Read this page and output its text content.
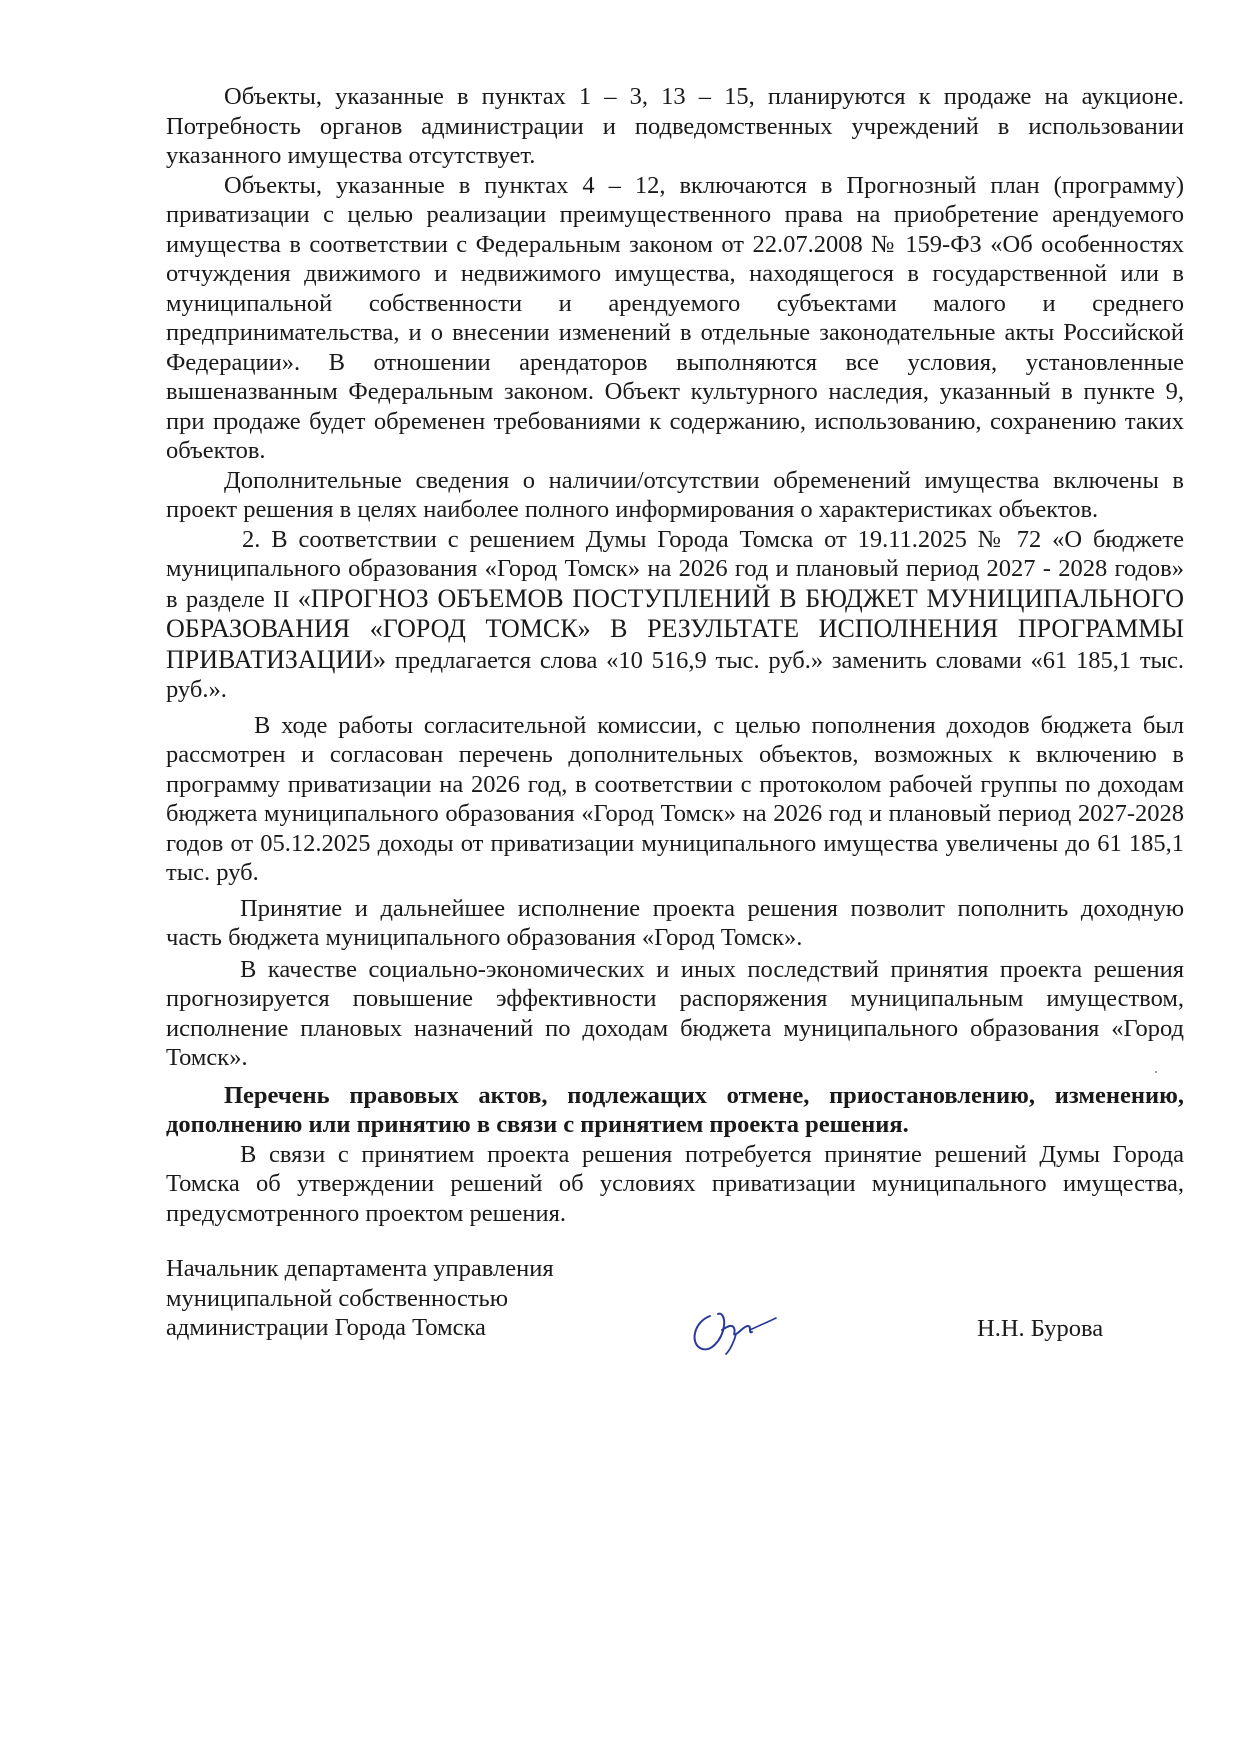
Объекты, указанные в пунктах 1 – 3, 13 – 15, планируются к продаже на аукционе. Потребность органов администрации и подведомственных учреждений в использовании указанного имущества отсутствует.

Объекты, указанные в пунктах 4 – 12, включаются в Прогнозный план (программу) приватизации с целью реализации преимущественного права на приобретение арендуемого имущества в соответствии с Федеральным законом от 22.07.2008 № 159-ФЗ «Об особенностях отчуждения движимого и недвижимого имущества, находящегося в государственной или в муниципальной собственности и арендуемого субъектами малого и среднего предпринимательства, и о внесении изменений в отдельные законодательные акты Российской Федерации». В отношении арендаторов выполняются все условия, установленные вышеназванным Федеральным законом. Объект культурного наследия, указанный в пункте 9, при продаже будет обременен требованиями к содержанию, использованию, сохранению таких объектов.

Дополнительные сведения о наличии/отсутствии обременений имущества включены в проект решения в целях наиболее полного информирования о характеристиках объектов.

2. В соответствии с решением Думы Города Томска от 19.11.2025 № 72 «О бюджете муниципального образования «Город Томск» на 2026 год и плановый период 2027 - 2028 годов» в разделе II «ПРОГНОЗ ОБЪЕМОВ ПОСТУПЛЕНИЙ В БЮДЖЕТ МУНИЦИПАЛЬНОГО ОБРАЗОВАНИЯ «ГОРОД ТОМСК» В РЕЗУЛЬТАТЕ ИСПОЛНЕНИЯ ПРОГРАММЫ ПРИВАТИЗАЦИИ» предлагается слова «10 516,9 тыс. руб.» заменить словами «61 185,1 тыс. руб.».

В ходе работы согласительной комиссии, с целью пополнения доходов бюджета был рассмотрен и согласован перечень дополнительных объектов, возможных к включению в программу приватизации на 2026 год, в соответствии с протоколом рабочей группы по доходам бюджета муниципального образования «Город Томск» на 2026 год и плановый период 2027-2028 годов от 05.12.2025 доходы от приватизации муниципального имущества увеличены до 61 185,1 тыс. руб.

Принятие и дальнейшее исполнение проекта решения позволит пополнить доходную часть бюджета муниципального образования «Город Томск».

В качестве социально-экономических и иных последствий принятия проекта решения прогнозируется повышение эффективности распоряжения муниципальным имуществом, исполнение плановых назначений по доходам бюджета муниципального образования «Город Томск».

Перечень правовых актов, подлежащих отмене, приостановлению, изменению, дополнению или принятию в связи с принятием проекта решения.

В связи с принятием проекта решения потребуется принятие решений Думы Города Томска об утверждении решений об условиях приватизации муниципального имущества, предусмотренного проектом решения.

Начальник департамента управления
муниципальной собственностью
администрации Города Томска	Н.Н. Бурова
